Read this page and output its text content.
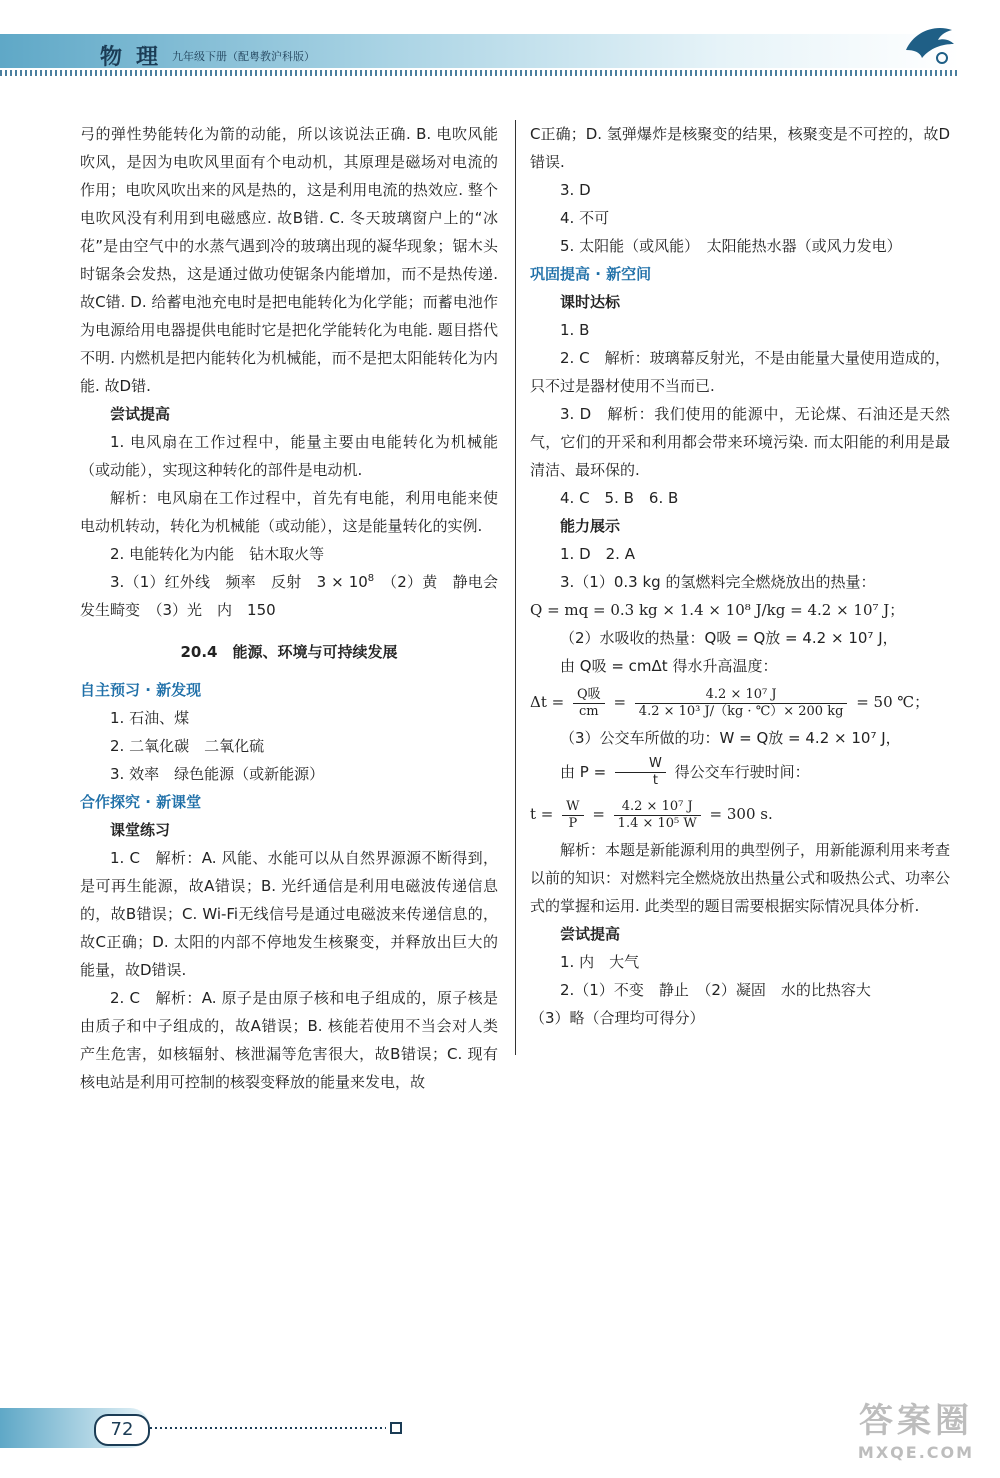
物理 九年级下册（配粤教沪科版）

弓的弹性势能转化为箭的动能，所以该说法正确. B. 电吹风能吹风，是因为电吹风里面有个电动机，其原理是磁场对电流的作用；电吹风吹出来的风是热的，这是利用电流的热效应. 整个电吹风没有利用到电磁感应. 故B错. C. 冬天玻璃窗户上的“冰花”是由空气中的水蒸气遇到冷的玻璃出现的凝华现象；锯木头时锯条会发热，这是通过做功使锯条内能增加，而不是热传递. 故C错. D. 给蓄电池充电时是把电能转化为化学能；而蓄电池作为电源给用电器提供电能时它是把化学能转化为电能. 题目搭代不明. 内燃机是把内能转化为机械能，而不是把太阳能转化为内能. 故D错.

尝试提高

1. 电风扇在工作过程中，能量主要由电能转化为机械能（或动能），实现这种转化的部件是电动机.

解析：电风扇在工作过程中，首先有电能，利用电能来使电动机转动，转化为机械能（或动能），这是能量转化的实例.

2. 电能转化为内能　钻木取火等

3.（1）红外线　频率　反射　$3 \times 10^8$　（2）黄　静电会发生畸变　（3）光　内　150

20.4　能源、环境与可持续发展

自主预习 · 新发现

1. 石油、煤

2. 二氧化碳　二氧化硫

3. 效率　绿色能源（或新能源）

合作探究 · 新课堂

课堂练习

1. C　解析：A. 风能、水能可以从自然界源源不断得到，是可再生能源，故A错误；B. 光纤通信是利用电磁波传递信息的，故B错误；C. Wi-Fi无线信号是通过电磁波来传递信息的，故C正确；D. 太阳的内部不停地发生核聚变，并释放出巨大的能量，故D错误.

2. C　解析：A. 原子是由原子核和电子组成的，原子核是由质子和中子组成的，故A错误；B. 核能若使用不当会对人类产生危害，如核辐射、核泄漏等危害很大，故B错误；C. 现有核电站是利用可控制的核裂变释放的能量来发电，故

C正确；D. 氢弹爆炸是核聚变的结果，核聚变是不可控的，故D错误.

3. D

4. 不可

5. 太阳能（或风能）　太阳能热水器（或风力发电）

巩固提高 · 新空间

课时达标

1. B

2. C　解析：玻璃幕反射光，不是由能量大量使用造成的，只不过是器材使用不当而已.

3. D　解析：我们使用的能源中，无论煤、石油还是天然气，它们的开采和利用都会带来环境污染. 而太阳能的利用是最清洁、最环保的.

4. C　5. B　6. B

能力展示

1. D　2. A

3.（1）0.3 kg 的氢燃料完全燃烧放出的热量：

Q = mq = 0.3 kg × 1.4 × 10⁸ J/kg = 4.2 × 10⁷ J；

（2）水吸收的热量：Q吸 = Q放 = 4.2 × 10⁷ J，

由 Q吸 = cmΔt 得水升高温度：

$\Delta t = \frac{\text{Q吸}}{cm} = \frac{\text{4.2 × 10⁷ J}}{\text{4.2 × 10³ J/（kg · ℃）× 200 kg}} = 50$ ℃；

（3）公交车所做的功：W = Q放 = 4.2 × 10⁷ J，

由 $P = \frac{W}{t}$ 得公交车行驶时间：

$t = \frac{W}{P} = \frac{\text{4.2 × 10⁷ J}}{\text{1.4 × 10⁵ W}} = 300$ s.

解析：本题是新能源利用的典型例子，用新能源利用来考查以前的知识：对燃料完全燃烧放出热量公式和吸热公式、功率公式的掌握和运用. 此类型的题目需要根据实际情况具体分析.

尝试提高

1. 内　大气

2.（1）不变　静止　（2）凝固　水的比热容大

（3）略（合理均可得分）

72	答案圈
MXQE.COM
